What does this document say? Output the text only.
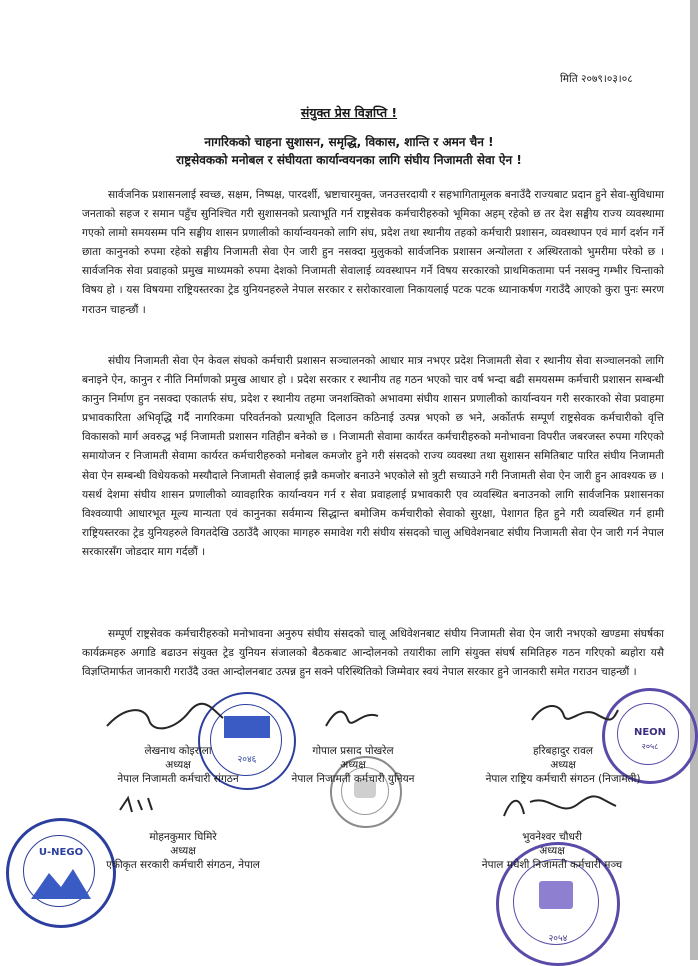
मिति २०७९।०३।०८
संयुक्त प्रेस विज्ञप्ति !
नागरिकको चाहना सुशासन, समृद्धि, विकास, शान्ति र अमन चैन !
राष्ट्रसेवकको मनोबल र संघीयता कार्यान्वयनका लागि संघीय निजामती सेवा ऐन !
सार्वजनिक प्रशासनलाई स्वच्छ, सक्षम, निष्पक्ष, पारदर्शी, भ्रष्टाचारमुक्त, जनउत्तरदायी र सहभागितामूलक बनाउँदै राज्यबाट प्रदान हुने सेवा-सुविधामा जनताको सहज र समान पहुँच सुनिश्चित गरी सुशासनको प्रत्याभूति गर्न राष्ट्रसेवक कर्मचारीहरुको भूमिका अहम् रहेको छ तर देश सङ्घीय राज्य व्यवस्थामा गएको लामो समयसम्म पनि सङ्घीय शासन प्रणालीको कार्यान्वयनको लागि संघ, प्रदेश तथा स्थानीय तहको कर्मचारी प्रशासन, व्यवस्थापन एवं मार्ग दर्शन गर्ने छाता कानुनको रुपमा रहेको सङ्घीय निजामती सेवा ऐन जारी हुन नसक्दा मुलुकको सार्वजनिक प्रशासन अन्योलता र अस्थिरताको भुमरीमा परेको छ । सार्वजनिक सेवा प्रवाहको प्रमुख माध्यमको रुपमा देशको निजामती सेवालाई व्यवस्थापन गर्ने विषय सरकारको प्राथमिकतामा पर्न नसक्नु गम्भीर चिन्ताको विषय हो । यस विषयमा राष्ट्रियस्तरका ट्रेड युनियनहरुले नेपाल सरकार र सरोकारवाला निकायलाई पटक पटक ध्यानाकर्षण गराउँदै आएको कुरा पुनः स्मरण गराउन चाहन्छौं ।
संघीय निजामती सेवा ऐन केवल संघको कर्मचारी प्रशासन सञ्चालनको आधार मात्र नभएर प्रदेश निजामती सेवा र स्थानीय सेवा सञ्चालनको लागि बनाइने ऐन, कानुन र नीति निर्माणको प्रमुख आधार हो । प्रदेश सरकार र स्थानीय तह गठन भएको चार वर्ष भन्दा बढी समयसम्म कर्मचारी प्रशासन सम्बन्धी कानुन निर्माण हुन नसक्दा एकातर्फ संघ, प्रदेश र स्थानीय तहमा जनशक्तिको अभावमा संघीय शासन प्रणालीको कार्यान्वयन गरी सरकारको सेवा प्रवाहमा प्रभावकारिता अभिवृद्धि गर्दै नागरिकमा परिवर्तनको प्रत्याभूति दिलाउन कठिनाई उत्पन्न भएको छ भने, अर्कोतर्फ सम्पूर्ण राष्ट्रसेवक कर्मचारीको वृत्ति विकासको मार्ग अवरुद्ध भई निजामती प्रशासन गतिहीन बनेको छ । निजामती सेवामा कार्यरत कर्मचारीहरुको मनोभावना विपरीत जबरजस्त रुपमा गरिएको समायोजन र निजामती सेवामा कार्यरत कर्मचारीहरुको मनोबल कमजोर हुने गरी संसदको राज्य व्यवस्था तथा सुशासन समितिबाट पारित संघीय निजामती सेवा ऐन सम्बन्धी विधेयकको मस्यौदाले निजामती सेवालाई झन्नै कमजोर बनाउने भएकोले सो त्रुटी सच्याउने गरी निजामती सेवा ऐन जारी हुन आवश्यक छ । यसर्थ देशमा संघीय शासन प्रणालीको व्यावहारिक कार्यान्वयन गर्न र सेवा प्रवाहलाई प्रभावकारी एव व्यवस्थित बनाउनको लागि सार्वजनिक प्रशासनका विश्वव्यापी आधारभूत मूल्य मान्यता एवं कानुनका सर्वमान्य सिद्धान्त बमोजिम कर्मचारीको सेवाको सुरक्षा, पेशागत हित हुने गरी व्यवस्थित गर्न हामी राष्ट्रियस्तरका ट्रेड युनियहरुले विगतदेखि उठाउँदै आएका मागहरु समावेश गरी संघीय संसदको चालु अधिवेशनबाट संघीय निजामती सेवा ऐन जारी गर्न नेपाल सरकारसँग जोडदार माग गर्दछौं ।
सम्पूर्ण राष्ट्रसेवक कर्मचारीहरुको मनोभावना अनुरुप संघीय संसदको चालू अधिवेशनबाट संघीय निजामती सेवा ऐन जारी नभएको खण्डमा संघर्षका कार्यक्रमहरु अगाडि बढाउन संयुक्त ट्रेड युनियन संजालको बैठकबाट आन्दोलनको तयारीका लागि संयुक्त संघर्ष समितिहरु गठन गरिएको ब्यहोरा यसै विज्ञप्तिमार्फत जानकारी गराउँदै उक्त आन्दोलनबाट उत्पन्न हुन सक्ने परिस्थितिको जिम्मेवार स्वयं नेपाल सरकार हुने जानकारी समेत गराउन चाहन्छौं ।
२०४६
NEON
२०५८
U-NEGO
२०५४
लेखनाथ कोइराला
अध्यक्ष
नेपाल निजामती कर्मचारी संगठन
गोपाल प्रसाद पोखरेल
अध्यक्ष
नेपाल निजामती कर्मचारी युनियन
हरिबहादुर रावल
अध्यक्ष
नेपाल राष्ट्रिय कर्मचारी संगठन (निजामती)
मोहनकुमार घिमिरे
अध्यक्ष
एकीकृत सरकारी कर्मचारी संगठन, नेपाल
भुवनेश्वर चौधरी
अध्यक्ष
नेपाल मधेशी निजामती कर्मचारी मञ्च
